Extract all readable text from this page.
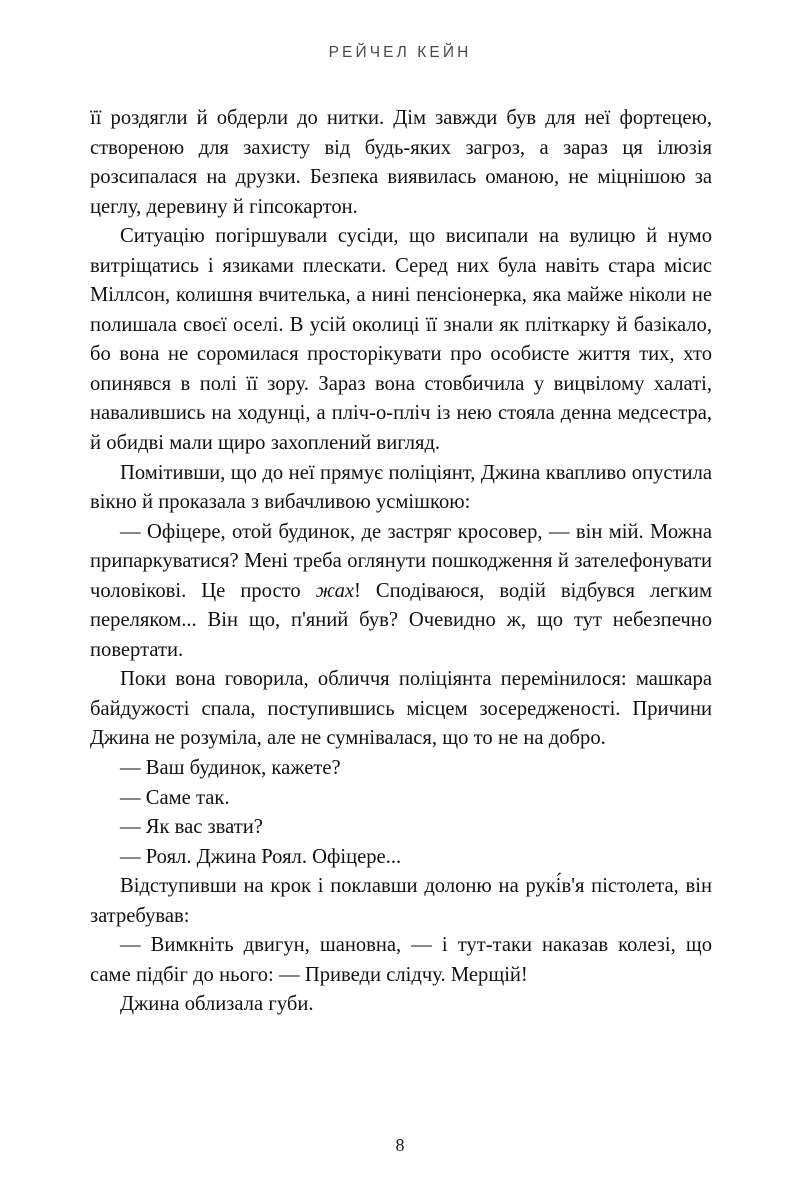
РЕЙЧЕЛ КЕЙН

її роздягли й обдерли до нитки. Дім завжди був для неї фортецею, створеною для захисту від будь-яких загроз, а зараз ця ілюзія розсипалася на друзки. Безпека виявилась оманою, не міцнішою за цеглу, деревину й гіпсокартон.

Ситуацію погіршували сусіди, що висипали на вулицю й нумо витріщатись і язиками плескати. Серед них була навіть стара місис Міллсон, колишня вчителька, а нині пенсіонерка, яка майже ніколи не полишала своєї оселі. В усій околиці її знали як пліткарку й базікало, бо вона не соромилася просторікувати про особисте життя тих, хто опинявся в полі її зору. Зараз вона стовбичила у вицвілому халаті, навалившись на ходунці, а пліч-о-пліч із нею стояла денна медсестра, й обидві мали щиро захоплений вигляд.

Помітивши, що до неї прямує поліціянт, Джина квапливо опустила вікно й проказала з вибачливою усмішкою:

— Офіцере, отой будинок, де застряг кросовер, — він мій. Можна припаркуватися? Мені треба оглянути пошкодження й зателефонувати чоловікові. Це просто жах! Сподіваюся, водій відбувся легким переляком... Він що, п'яний був? Очевидно ж, що тут небезпечно повертати.

Поки вона говорила, обличчя поліціянта перемінилося: машкара байдужості спала, поступившись місцем зосередженості. Причини Джина не розуміла, але не сумнівалася, що то не на добро.

— Ваш будинок, кажете?

— Саме так.

— Як вас звати?

— Роял. Джина Роял. Офіцере...

Відступивши на крок і поклавши долоню на рукі́в'я пістолета, він затребував:

— Вимкніть двигун, шановна, — і тут-таки наказав колезі, що саме підбіг до нього: — Приведи слідчу. Мерщій!

Джина облизала губи.

8
